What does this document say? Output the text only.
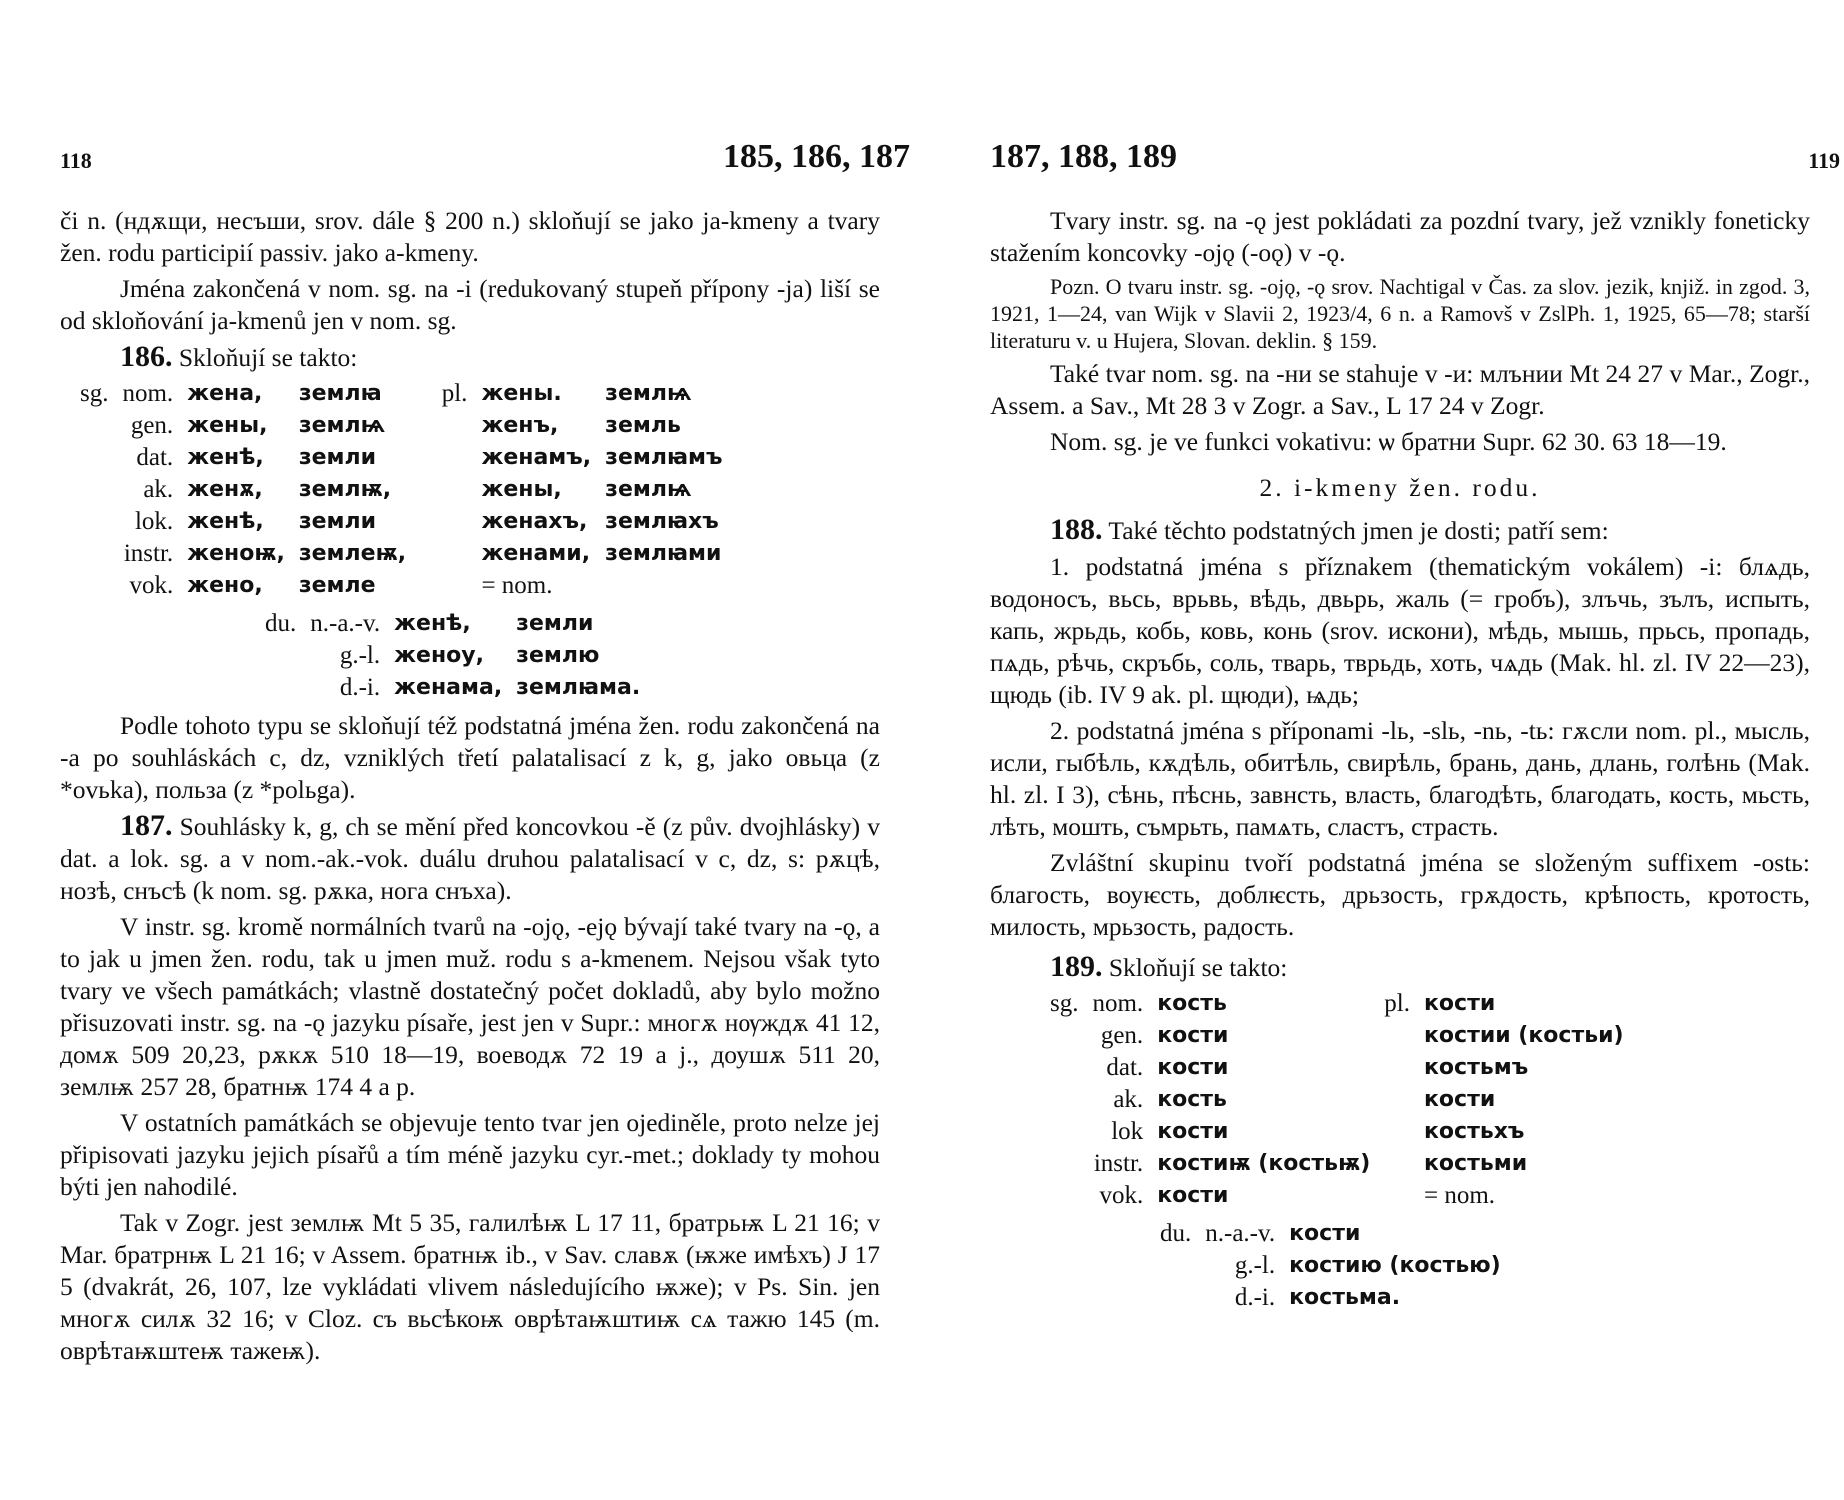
118	185, 186, 187

či n. (ндѫщи, несъши, srov. dále § 200 n.) skloňují se jako ja-kmeny a tvary žen. rodu participií passiv. jako a-kmeny.

Jména zakončená v nom. sg. na -i (redukovaný stupeň přípony -ja) liší se od skloňování ja-kmenů jen v nom. sg.

186. Skloňují se takto:

sg.	nom.	жена,	землꙗ	pl.	жены.	землѩ
	gen.	жены,	землѩ		женъ,	земль
	dat.	женѣ,	земли		женамъ,	землꙗмъ
	ak.	женѫ,	землѭ,		жены,	землѩ
	lok.	женѣ,	земли		женахъ,	землꙗхъ
	instr.	женоѭ,	землеѭ,		женами,	землꙗми
	vok.	жено,	земле		= nom.	
du.	n.-a.-v.	женѣ,	земли
	g.-l.	женоу,	землю
	d.-i.	женама,	землꙗма.

Podle tohoto typu se skloňují též podstatná jména žen. rodu zakončená na -a po souhláskách c, dz, vzniklých třetí palatalisací z k, g, jako овьца (z *ovьka), польза (z *polьga).

187. Souhlásky k, g, ch se mění před koncovkou -ě (z pův. dvojhlásky) v dat. a lok. sg. a v nom.-ak.-vok. duálu druhou palatalisací v c, dz, s: рѫцѣ, нозѣ, снъсѣ (k nom. sg. рѫка, нога снъха).

V instr. sg. kromě normálních tvarů na -ojǫ, -ejǫ bývají také tvary na -ǫ, a to jak u jmen žen. rodu, tak u jmen muž. rodu s a-kmenem. Nejsou však tyto tvary ve všech památkách; vlastně dostatečný počet dokladů, aby bylo možno přisuzovati instr. sg. na -ǫ jazyku písaře, jest jen v Supr.: многѫ нѹждѫ 41 12, домѫ 509 20,23, рѫкѫ 510 18—19, воеводѫ 72 19 a j., доушѫ 511 20, землѭ 257 28, братнѭ 174 4 a p.

V ostatních památkách se objevuje tento tvar jen ojediněle, proto nelze jej připisovati jazyku jejich písařů a tím méně jazyku cyr.-met.; doklady ty mohou býti jen nahodilé.

Tak v Zogr. jest землѭ Mt 5 35, галилѣѭ L 17 11, братрьѭ L 21 16; v Mar. братрнѭ L 21 16; v Assem. братнѭ ib., v Sav. славѫ (ѭже имѣхъ) J 17 5 (dvakrát, 26, 107, lze vykládati vlivem následujícího ѭже); v Ps. Sin. jen многѫ силѫ 32 16; v Cloz. съ вьсѣкоѭ оврѣтаѭштиѭ сѧ тажю 145 (m. оврѣтаѭштеѭ тажеѭ).

187, 188, 189	119

Tvary instr. sg. na -ǫ jest pokládati za pozdní tvary, jež vznikly foneticky stažením koncovky -ojǫ (-oǫ) v -ǫ.

Pozn. O tvaru instr. sg. -ojǫ, -ǫ srov. Nachtigal v Čas. za slov. jezik, knjiž. in zgod. 3, 1921, 1—24, van Wijk v Slavii 2, 1923/4, 6 n. a Ramovš v ZslPh. 1, 1925, 65—78; starší literaturu v. u Hujera, Slovan. deklin. § 159.

Také tvar nom. sg. na -ни se stahuje v -и: млънии Mt 24 27 v Mar., Zogr., Assem. a Sav., Mt 28 3 v Zogr. a Sav., L 17 24 v Zogr.

Nom. sg. je ve funkci vokativu: ѡ братни Supr. 62 30. 63 18—19.

2. i-kmeny žen. rodu.

188. Také těchto podstatných jmen je dosti; patří sem:

1. podstatná jména s příznakem (thematickým vokálem) -i: блѧдь, водоносъ, вьсь, врьвь, вѣдь, двьрь, жаль (= гробъ), злъчь, зълъ, испыть, капь, жрьдь, кобь, ковь, конь (srov. искони), мѣдь, мышь, прьсь, пропадь, пѧдь, рѣчь, скръбь, соль, тварь, тврьдь, хоть, чѧдь (Mak. hl. zl. IV 22—23), щюдь (ib. IV 9 ak. pl. щюди), ѩдь;

2. podstatná jména s příponami -lь, -slь, -nь, -tь: гѫсли nom. pl., мысль, исли, гыбѣль, кѫдѣль, обитѣль, свирѣль, брань, дань, длань, голѣнь (Mak. hl. zl. I 3), сѣнь, пѣснь, завнсть, власть, благодѣть, благодать, кость, мьсть, лѣть, мошть, съмрьть, памѧть, сластъ, страсть.

Zvláštní skupinu tvoří podstatná jména se složeným suffixem -ostь: благость, воуѥсть, доблѥсть, дрьзость, грѫдость, крѣпость, кротость, милость, мрьзость, радость.

189. Skloňují se takto:

sg.	nom.	кость	pl.	кости
	gen.	кости		костии (костьи)
	dat.	кости		костьмъ
	ak.	кость		кости
	lok	кости		костьхъ
	instr.	костиѭ (костьѭ)		костьми
	vok.	кости		= nom.
du.	n.-a.-v.	кости
	g.-l.	костию (костью)
	d.-i.	костьма.
